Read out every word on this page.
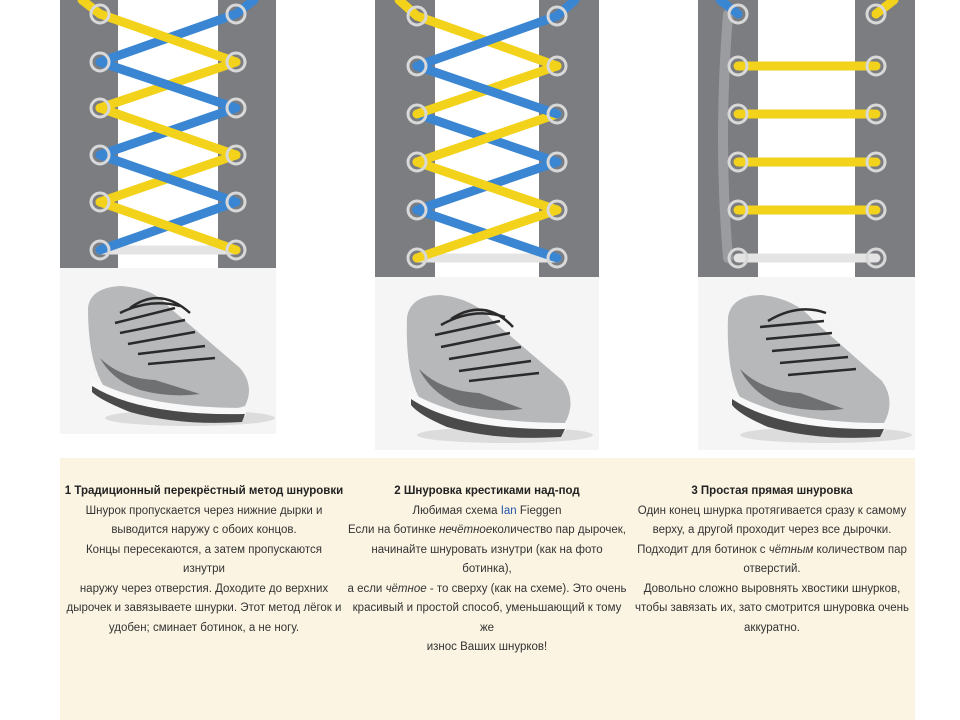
1 Традиционный перекрёстный метод шнуровки

Шнурок пропускается через нижние дырки и

выводится наружу с обоих концов.

Концы пересекаются, а затем пропускаются изнутри

наружу через отверстия. Доходите до верхних

дырочек и завязываете шнурки. Этот метод лёгок и

удобен; сминает ботинок, а не ногу.

2 Шнуровка крестиками над-под

Любимая схема Ian Fieggen

Если на ботинке нечётноеколичество пар дырочек,

начинайте шнуровать изнутри (как на фото ботинка),

а если чётное - то сверху (как на схеме). Это очень

красивый и простой способ, уменьшающий к тому же

износ Ваших шнурков!

3 Простая прямая шнуровка

Один конец шнурка протягивается сразу к самому

верху, а другой проходит через все дырочки.

Подходит для ботинок с чётным количеством пар

отверстий.

Довольно сложно выровнять хвостики шнурков,

чтобы завязать их, зато смотрится шнуровка очень

аккуратно.
